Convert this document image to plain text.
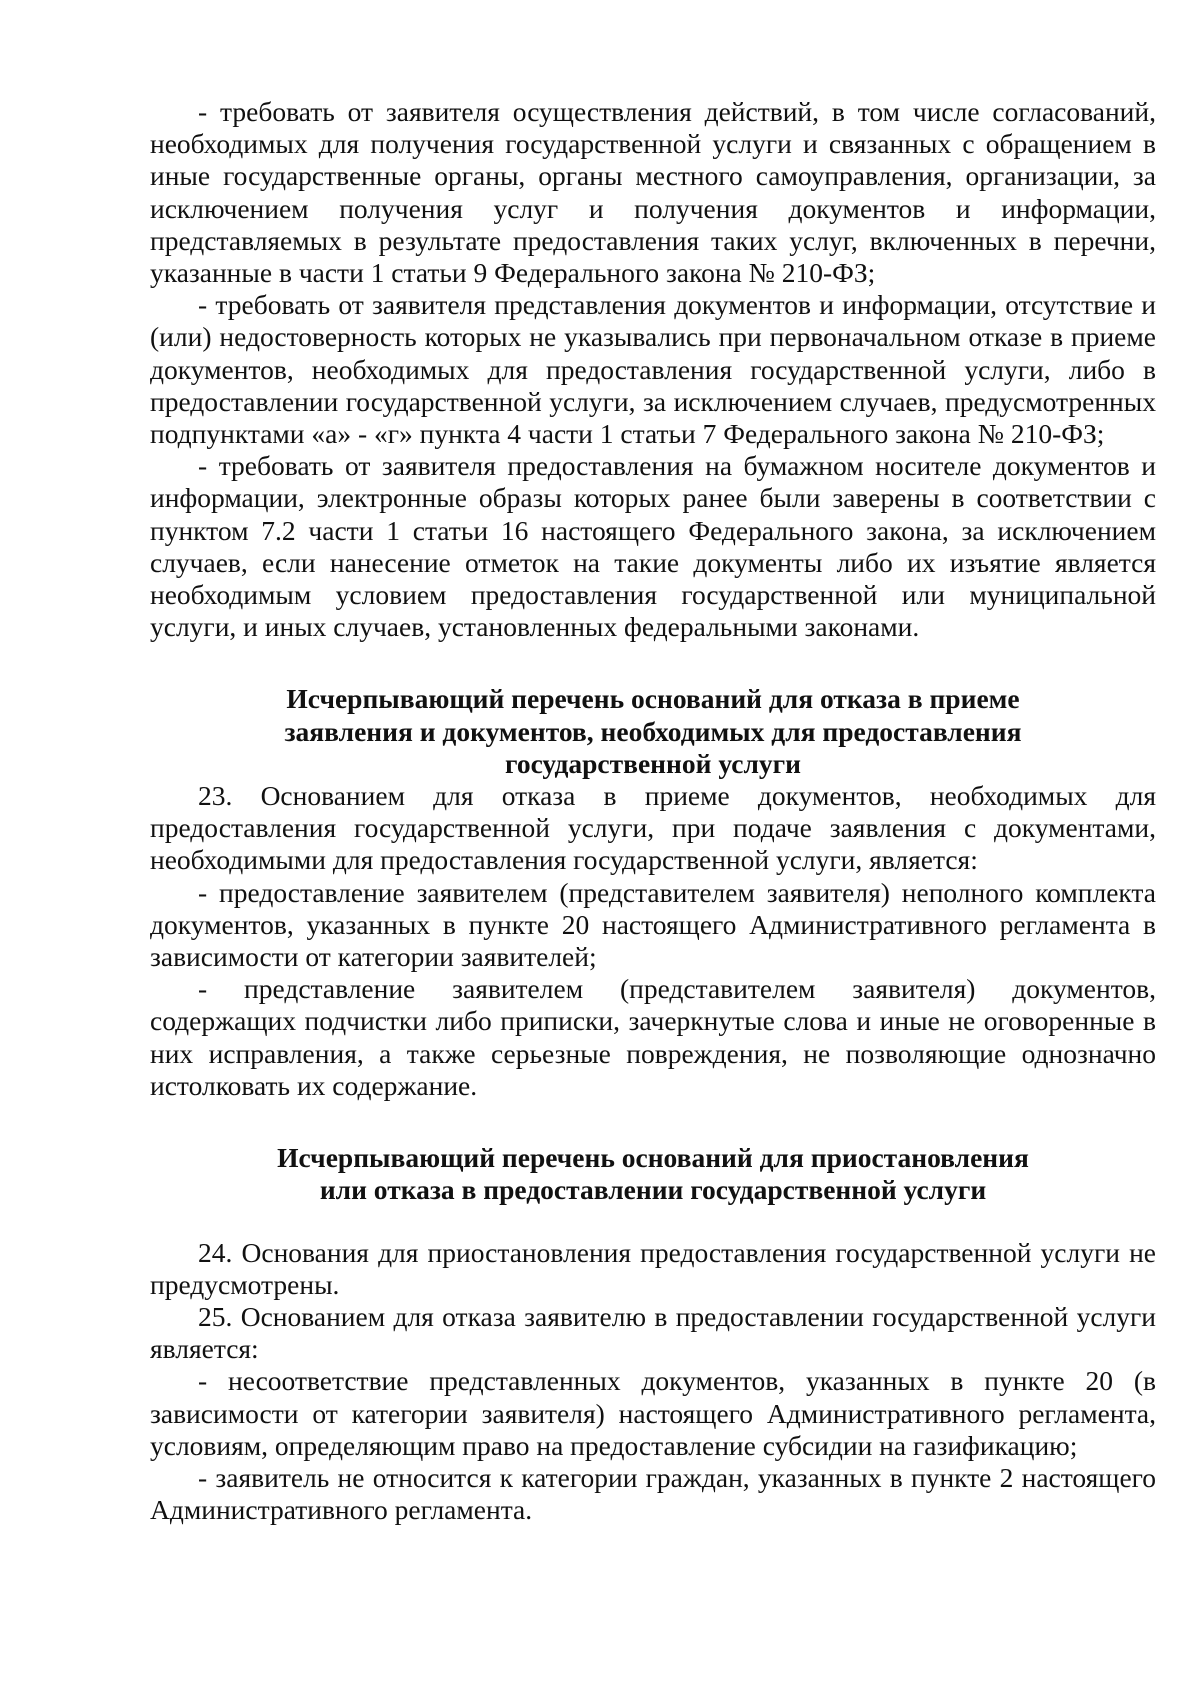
- требовать от заявителя осуществления действий, в том числе согласований, необходимых для получения государственной услуги и связанных с обращением в иные государственные органы, органы местного самоуправления, организации, за исключением получения услуг и получения документов и информации, представляемых в результате предоставления таких услуг, включенных в перечни, указанные в части 1 статьи 9 Федерального закона № 210-ФЗ;

- требовать от заявителя представления документов и информации, отсутствие и (или) недостоверность которых не указывались при первоначальном отказе в приеме документов, необходимых для предоставления государственной услуги, либо в предоставлении государственной услуги, за исключением случаев, предусмотренных подпунктами «а» - «г» пункта 4 части 1 статьи 7 Федерального закона № 210-ФЗ;

- требовать от заявителя предоставления на бумажном носителе документов и информации, электронные образы которых ранее были заверены в соответствии с пунктом 7.2 части 1 статьи 16 настоящего Федерального закона, за исключением случаев, если нанесение отметок на такие документы либо их изъятие является необходимым условием предоставления государственной или муниципальной услуги, и иных случаев, установленных федеральными законами.

Исчерпывающий перечень оснований для отказа в приеме
заявления и документов, необходимых для предоставления
государственной услуги

23. Основанием для отказа в приеме документов, необходимых для предоставления государственной услуги, при подаче заявления с документами, необходимыми для предоставления государственной услуги, является:

- предоставление заявителем (представителем заявителя) неполного комплекта документов, указанных в пункте 20 настоящего Административного регламента в зависимости от категории заявителей;

- представление заявителем (представителем заявителя) документов, содержащих подчистки либо приписки, зачеркнутые слова и иные не оговоренные в них исправления, а также серьезные повреждения, не позволяющие однозначно истолковать их содержание.

Исчерпывающий перечень оснований для приостановления
или отказа в предоставлении государственной услуги

24. Основания для приостановления предоставления государственной услуги не предусмотрены.

25. Основанием для отказа заявителю в предоставлении государственной услуги является:

- несоответствие представленных документов, указанных в пункте 20 (в зависимости от категории заявителя) настоящего Административного регламента, условиям, определяющим право на предоставление субсидии на газификацию;

- заявитель не относится к категории граждан, указанных в пункте 2 настоящего Административного регламента.
